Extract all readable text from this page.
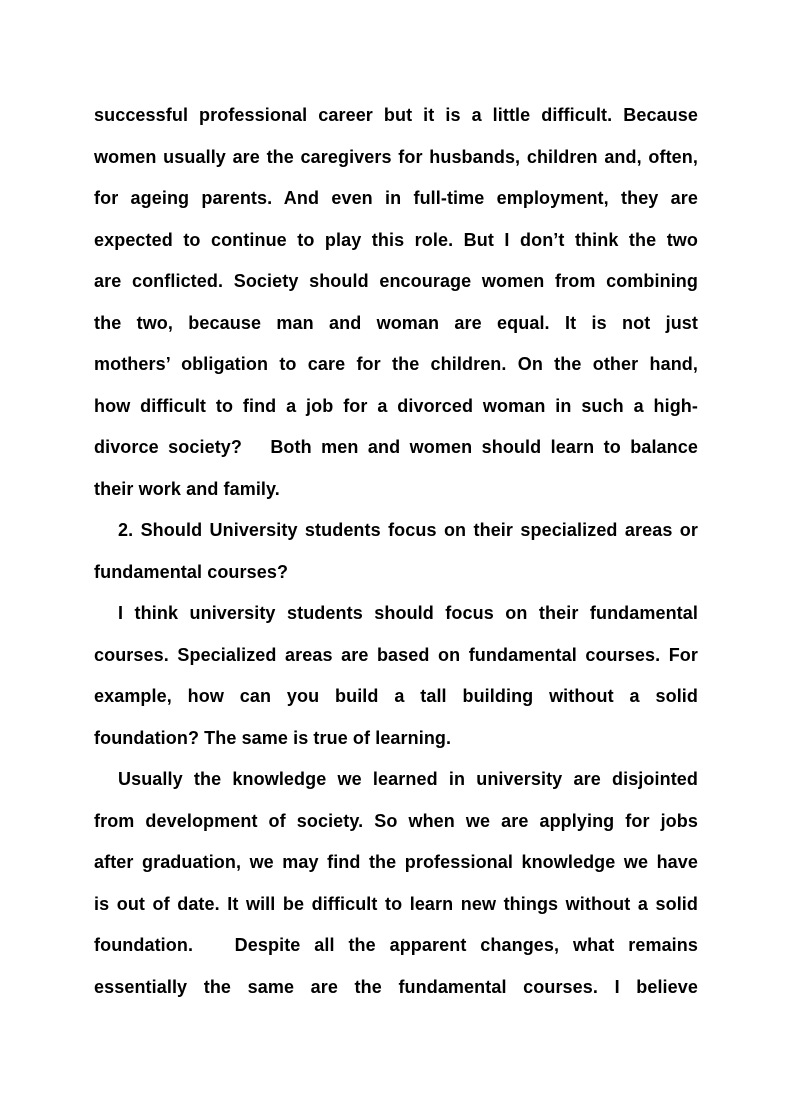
successful professional career but it is a little difficult. Because

women usually are the caregivers for husbands, children and, often,

for ageing parents. And even in full-time employment, they are

expected to continue to play this role. But I don’t think the two

are conflicted. Society should encourage women from combining

the two, because man and woman are equal. It is not just

mothers’ obligation to care for the children. On the other hand,

how difficult to find a job for a divorced woman in such a high-

divorce society?   Both men and women should learn to balance

their work and family.

2. Should University students focus on their specialized areas or

fundamental courses?

I think university students should focus on their fundamental

courses. Specialized areas are based on fundamental courses. For

example, how can you build a tall building without a solid

foundation? The same is true of learning.

Usually the knowledge we learned in university are disjointed

from development of society. So when we are applying for jobs

after graduation, we may find the professional knowledge we have

is out of date. It will be difficult to learn new things without a solid

foundation.   Despite all the apparent changes, what remains

essentially the same are the fundamental courses. I believe
